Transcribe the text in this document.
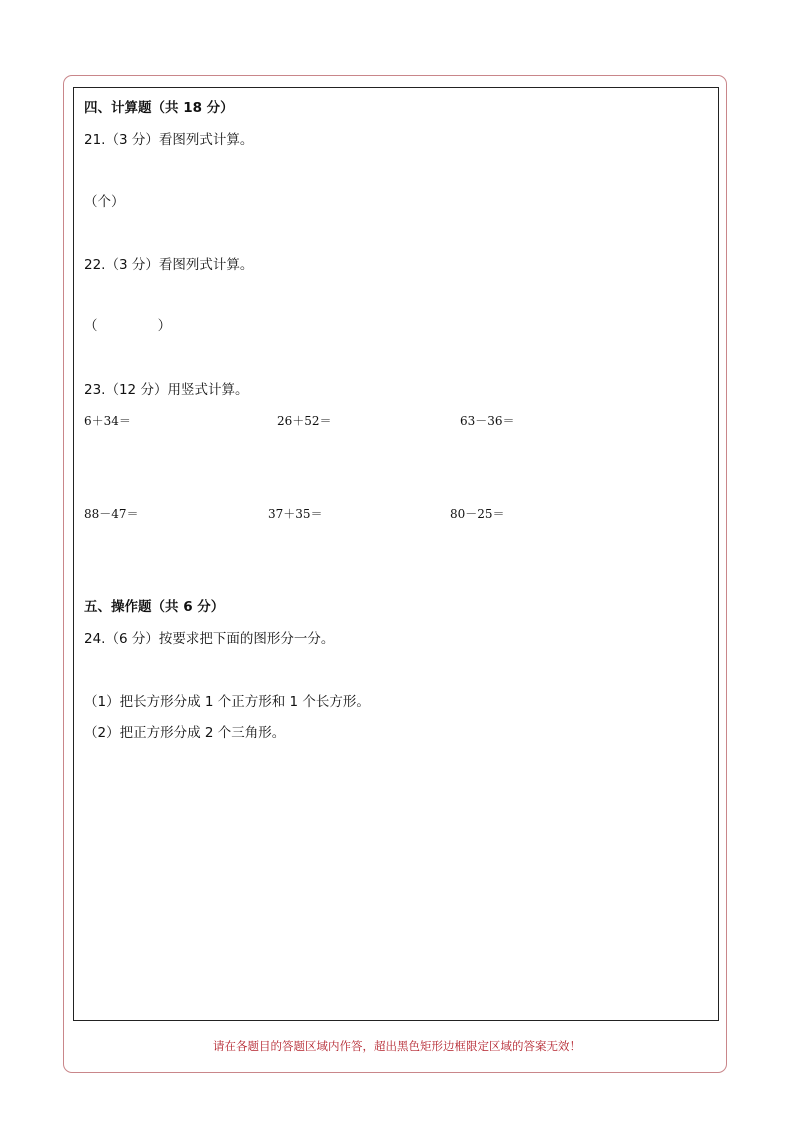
四、计算题（共 18 分）
21.（3 分）看图列式计算。
（个）
22.（3 分）看图列式计算。
（              ）
23.（12 分）用竖式计算。
6＋34＝	26＋52＝	63－36＝
88－47＝	37＋35＝	80－25＝
五、操作题（共 6 分）
24.（6 分）按要求把下面的图形分一分。
（1）把长方形分成 1 个正方形和 1 个长方形。
（2）把正方形分成 2 个三角形。
请在各题目的答题区域内作答，超出黑色矩形边框限定区域的答案无效！
